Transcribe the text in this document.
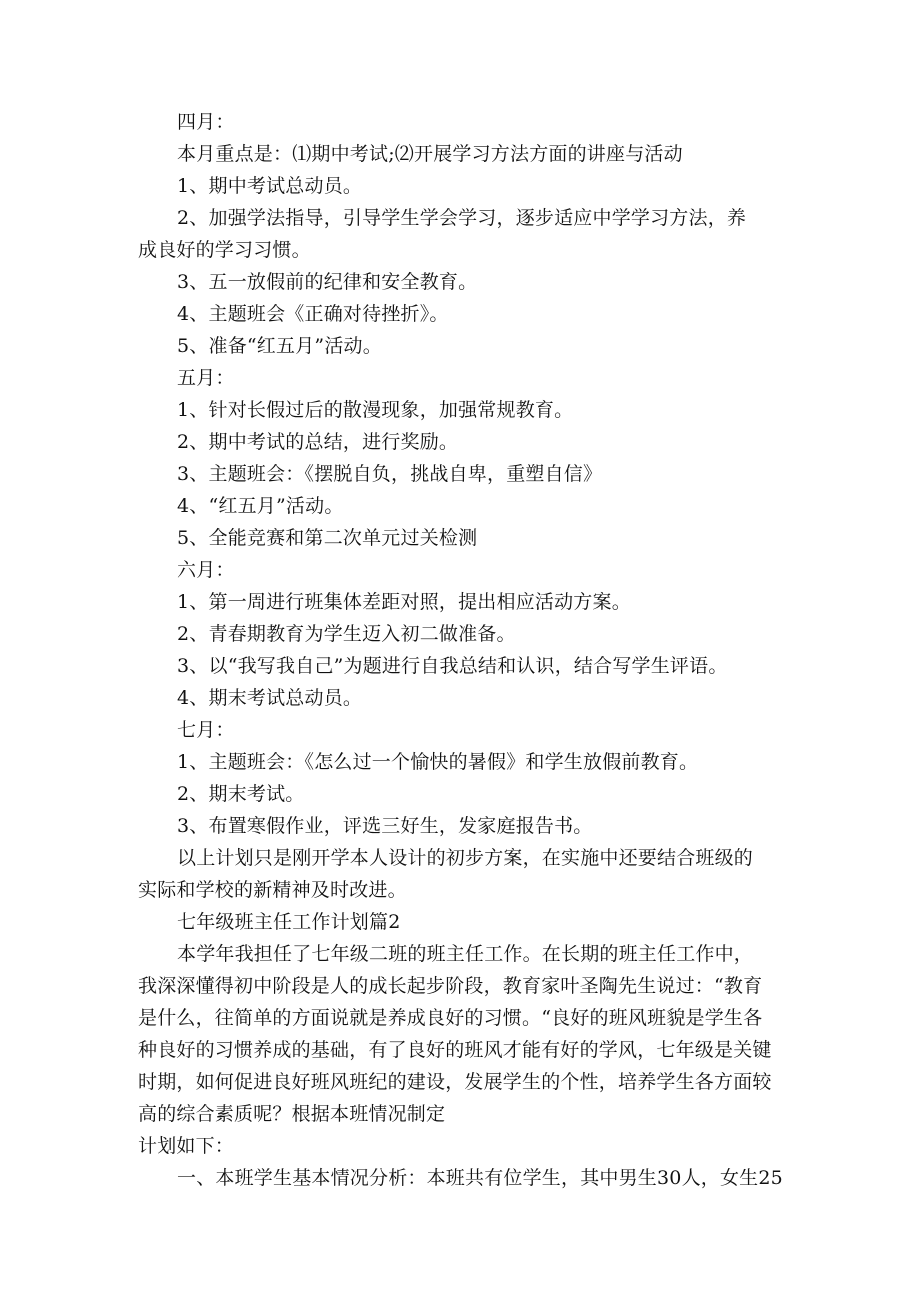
四月：
本月重点是：⑴期中考试;⑵开展学习方法方面的讲座与活动
1、期中考试总动员。
2、加强学法指导，引导学生学会学习，逐步适应中学学习方法，养
成良好的学习习惯。
3、五一放假前的纪律和安全教育。
4、主题班会《正确对待挫折》。
5、准备“红五月”活动。
五月：
1、针对长假过后的散漫现象，加强常规教育。
2、期中考试的总结，进行奖励。
3、主题班会：《摆脱自负，挑战自卑，重塑自信》
4、“红五月”活动。
5、全能竞赛和第二次单元过关检测
六月：
1、第一周进行班集体差距对照，提出相应活动方案。
2、青春期教育为学生迈入初二做准备。
3、以“我写我自己”为题进行自我总结和认识，结合写学生评语。
4、期末考试总动员。
七月：
1、主题班会：《怎么过一个愉快的暑假》和学生放假前教育。
2、期末考试。
3、布置寒假作业，评选三好生，发家庭报告书。
以上计划只是刚开学本人设计的初步方案，在实施中还要结合班级的
实际和学校的新精神及时改进。
七年级班主任工作计划篇2
本学年我担任了七年级二班的班主任工作。在长期的班主任工作中，
我深深懂得初中阶段是人的成长起步阶段，教育家叶圣陶先生说过：“教育
是什么，往简单的方面说就是养成良好的习惯。“良好的班风班貌是学生各
种良好的习惯养成的基础，有了良好的班风才能有好的学风，七年级是关键
时期，如何促进良好班风班纪的建设，发展学生的个性，培养学生各方面较
高的综合素质呢？根据本班情况制定
计划如下：
一、本班学生基本情况分析：本班共有位学生，其中男生30人，女生25
